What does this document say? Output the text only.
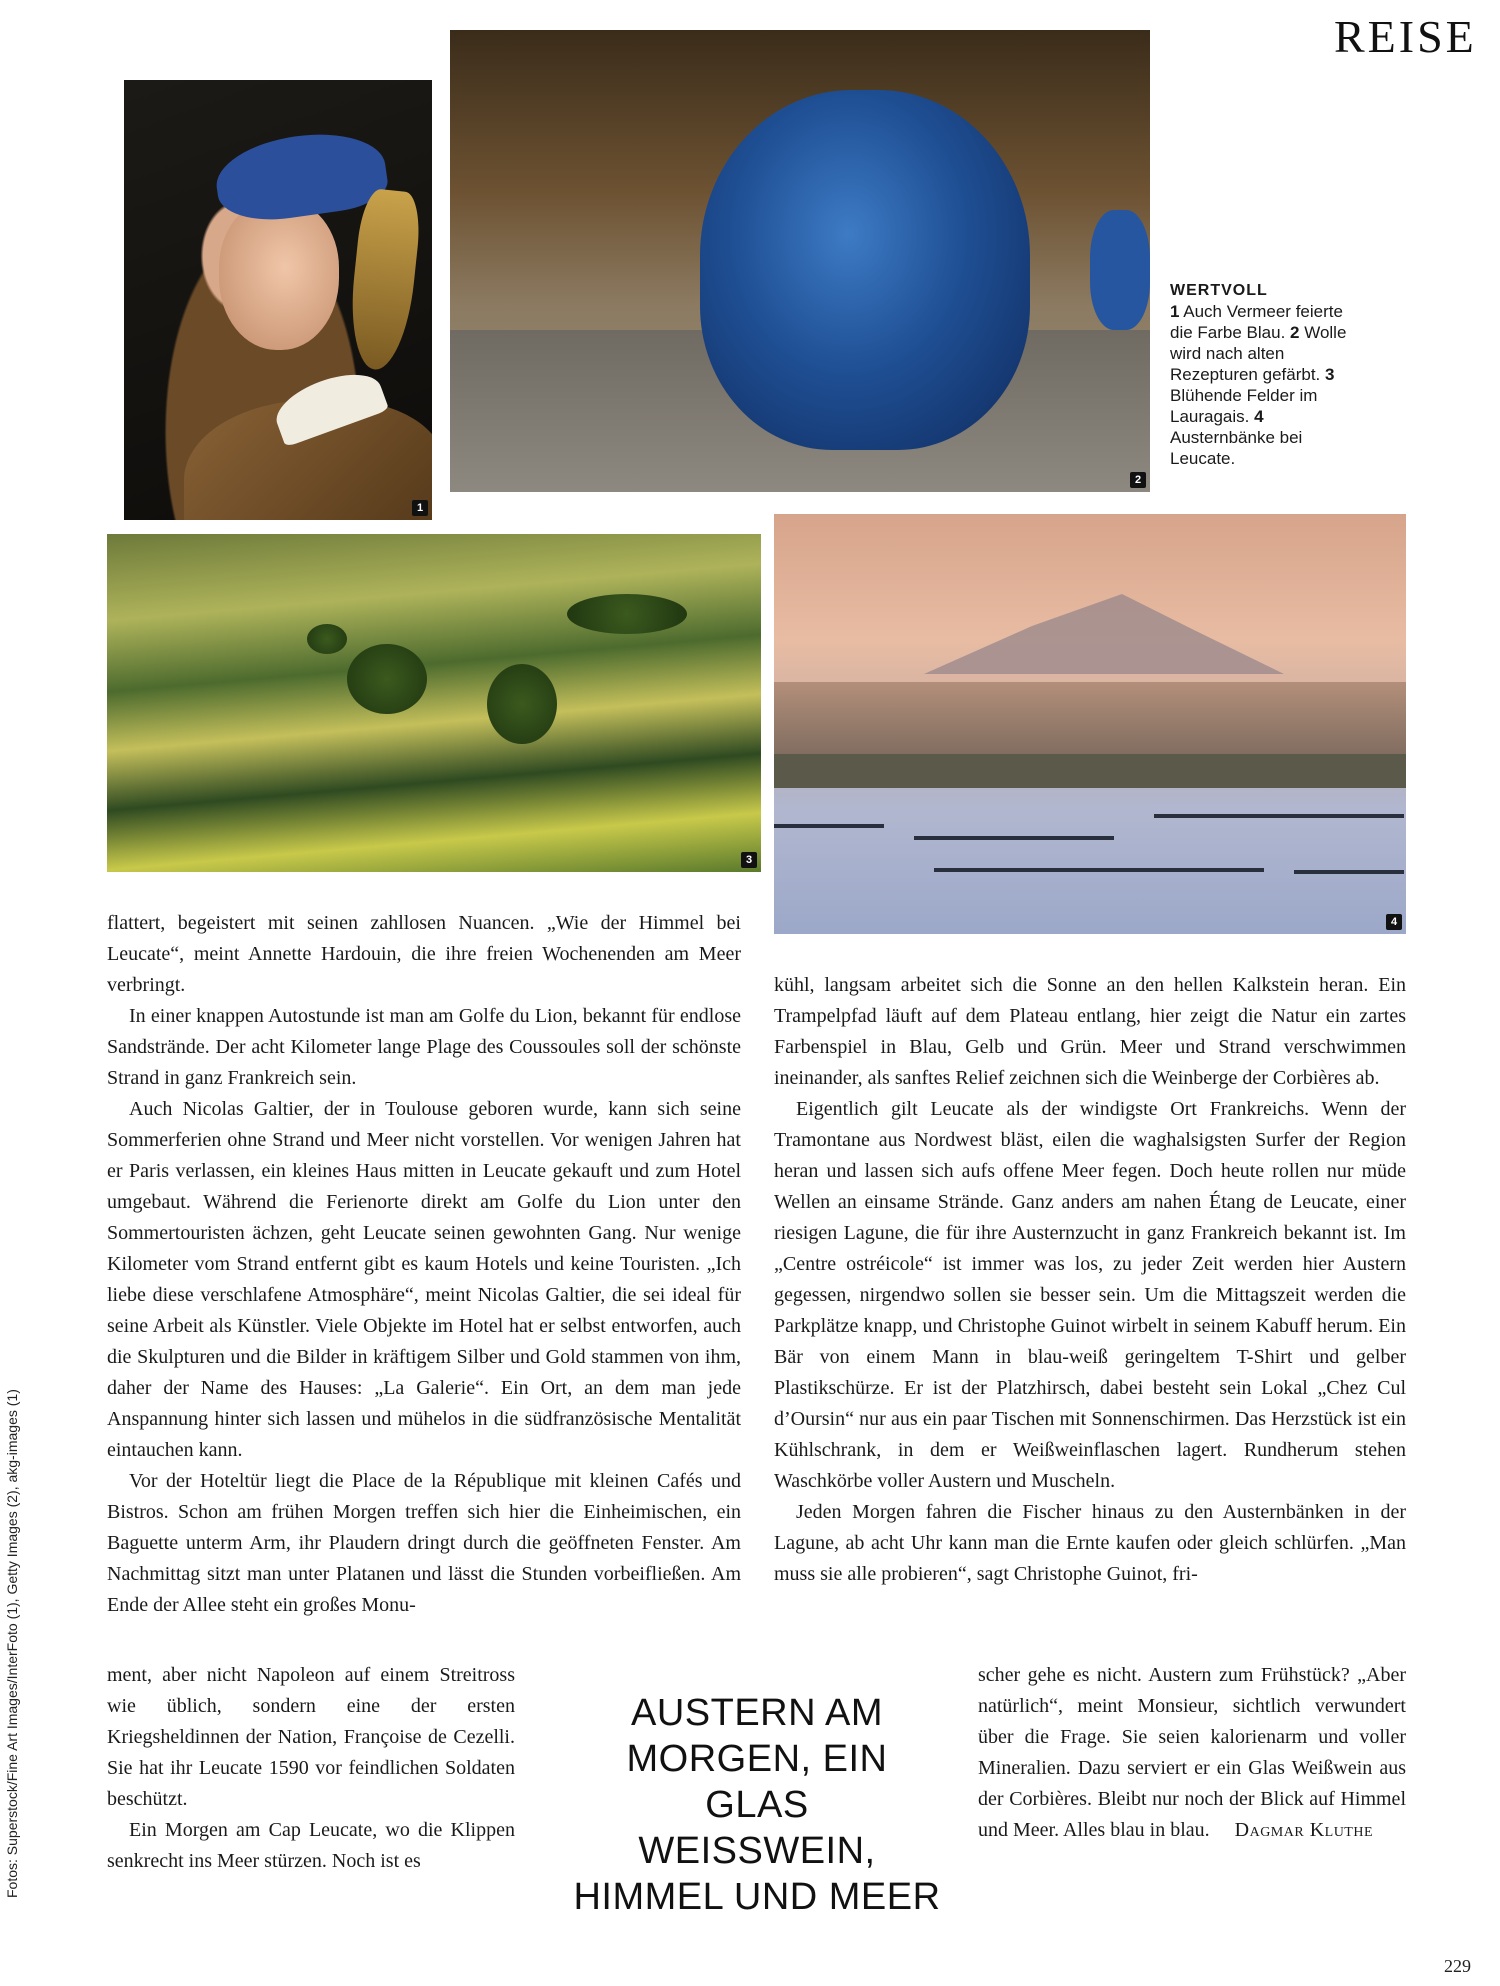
REISE
1
2
WERTVOLL
1 Auch Vermeer feierte die Farbe Blau. 2 Wolle wird nach alten Rezepturen gefärbt. 3 Blühende Felder im Lauragais. 4 Austernbänke bei Leucate.
3
4

flattert, begeistert mit seinen zahllosen Nuancen. „Wie der Himmel bei Leucate“, meint Annette Hardouin, die ihre freien Wochenenden am Meer verbringt.

In einer knappen Autostunde ist man am Golfe du Lion, bekannt für endlose Sandstrände. Der acht Kilometer lange Plage des Coussoules soll der schönste Strand in ganz Frankreich sein.

Auch Nicolas Galtier, der in Toulouse geboren wurde, kann sich seine Sommerferien ohne Strand und Meer nicht vorstellen. Vor wenigen Jahren hat er Paris verlassen, ein kleines Haus mitten in Leucate gekauft und zum Hotel umgebaut. Während die Ferienorte direkt am Golfe du Lion unter den Sommertouristen ächzen, geht Leucate seinen gewohnten Gang. Nur wenige Kilometer vom Strand entfernt gibt es kaum Hotels und keine Touristen. „Ich liebe diese verschlafene Atmosphäre“, meint Nicolas Galtier, die sei ideal für seine Arbeit als Künstler. Viele Objekte im Hotel hat er selbst entworfen, auch die Skulpturen und die Bilder in kräftigem Silber und Gold stammen von ihm, daher der Name des Hauses: „La Galerie“. Ein Ort, an dem man jede Anspannung hinter sich lassen und mühelos in die südfranzösische Mentalität eintauchen kann.

Vor der Hoteltür liegt die Place de la République mit kleinen Cafés und Bistros. Schon am frühen Morgen treffen sich hier die Einheimischen, ein Baguette unterm Arm, ihr Plaudern dringt durch die geöffneten Fenster. Am Nachmittag sitzt man unter Platanen und lässt die Stunden vorbeifließen. Am Ende der Allee steht ein großes Monu-

ment, aber nicht Napoleon auf einem Streitross wie üblich, sondern eine der ersten Kriegsheldinnen der Nation, Françoise de Cezelli. Sie hat ihr Leucate 1590 vor feindlichen Soldaten beschützt.

Ein Morgen am Cap Leucate, wo die Klippen senkrecht ins Meer stürzen. Noch ist es

kühl, langsam arbeitet sich die Sonne an den hellen Kalkstein heran. Ein Trampelpfad läuft auf dem Plateau entlang, hier zeigt die Natur ein zartes Farbenspiel in Blau, Gelb und Grün. Meer und Strand verschwimmen ineinander, als sanftes Relief zeichnen sich die Weinberge der Corbières ab.

Eigentlich gilt Leucate als der windigste Ort Frankreichs. Wenn der Tramontane aus Nordwest bläst, eilen die waghalsigsten Surfer der Region heran und lassen sich aufs offene Meer fegen. Doch heute rollen nur müde Wellen an einsame Strände. Ganz anders am nahen Étang de Leucate, einer riesigen Lagune, die für ihre Austernzucht in ganz Frankreich bekannt ist. Im „Centre ostréicole“ ist immer was los, zu jeder Zeit werden hier Austern gegessen, nirgendwo sollen sie besser sein. Um die Mittagszeit werden die Parkplätze knapp, und Christophe Guinot wirbelt in seinem Kabuff herum. Ein Bär von einem Mann in blau-weiß geringeltem T-Shirt und gelber Plastikschürze. Er ist der Platzhirsch, dabei besteht sein Lokal „Chez Cul d’Oursin“ nur aus ein paar Tischen mit Sonnenschirmen. Das Herzstück ist ein Kühlschrank, in dem er Weißweinflaschen lagert. Rundherum stehen Waschkörbe voller Austern und Muscheln.

Jeden Morgen fahren die Fischer hinaus zu den Austernbänken in der Lagune, ab acht Uhr kann man die Ernte kaufen oder gleich schlürfen. „Man muss sie alle probieren“, sagt Christophe Guinot, fri-

scher gehe es nicht. Austern zum Frühstück? „Aber natürlich“, meint Monsieur, sichtlich verwundert über die Frage. Sie seien kalorienarm und voller Mineralien. Dazu serviert er ein Glas Weißwein aus der Corbières. Bleibt nur noch der Blick auf Himmel und Meer. Alles blau in blau. Dagmar Kluthe

AUSTERN AM
MORGEN, EIN GLAS
WEISSWEIN,
HIMMEL UND MEER
Fotos: Superstock/Fine Art Images/InterFoto (1), Getty Images (2), akg-images (1)
229
